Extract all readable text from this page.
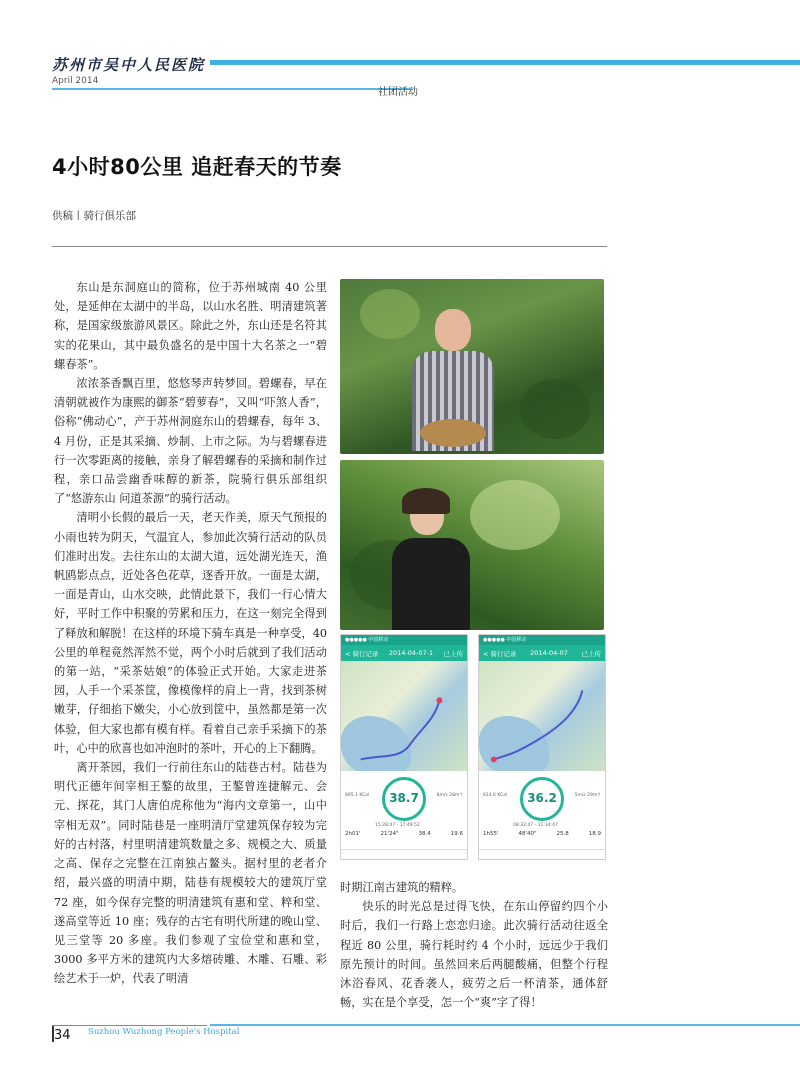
苏州市吴中人民医院
April 2014
社团活动
4小时80公里 追赶春天的节奏
供稿丨骑行俱乐部

东山是东洞庭山的简称，位于苏州城南 40 公里处，是延伸在太湖中的半岛，以山水名胜、明清建筑著称，是国家级旅游风景区。除此之外，东山还是名符其实的花果山，其中最负盛名的是中国十大名茶之一“碧螺春茶”。

浓浓茶香飘百里，悠悠琴声转梦回。碧螺春，早在清朝就被作为康熙的御茶“碧萝春”，又叫“吓煞人香”，俗称“佛动心”，产于苏州洞庭东山的碧螺春，每年 3、4 月份，正是其采摘、炒制、上市之际。为与碧螺春进行一次零距离的接触，亲身了解碧螺春的采摘和制作过程，亲口品尝幽香味醇的新茶，院骑行俱乐部组织了“悠游东山 问道茶源”的骑行活动。

清明小长假的最后一天，老天作美，原天气预报的小雨也转为阴天，气温宜人，参加此次骑行活动的队员们准时出发。去往东山的太湖大道，远处湖光连天，渔帆鸥影点点，近处各色花草，逐香开放。一面是太湖，一面是青山，山水交映，此情此景下，我们一行心情大好，平时工作中积聚的劳累和压力，在这一刻完全得到了释放和解脱！在这样的环境下骑车真是一种享受，40 公里的单程竟然浑然不觉，两个小时后就到了我们活动的第一站，“采茶姑娘”的体验正式开始。大家走进茶园，人手一个采茶筐，像模像样的肩上一背，找到茶树嫩芽，仔细掐下嫩尖，小心放到筐中，虽然都是第一次体验，但大家也都有模有样。看着自己亲手采摘下的茶叶，心中的欣喜也如冲泡时的茶叶，开心的上下翻腾。

离开茶园，我们一行前往东山的陆巷古村。陆巷为明代正德年间宰相王鏊的故里，王鏊曾连捷解元、会元、探花，其门人唐伯虎称他为“海内文章第一，山中宰相无双”。同时陆巷是一座明清厅堂建筑保存较为完好的古村落，村里明清建筑数量之多、规模之大、质量之高、保存之完整在江南独占鳌头。据村里的老者介绍，最兴盛的明清中期，陆巷有规模较大的建筑厅堂 72 座，如今保存完整的明清建筑有惠和堂、粹和堂、遂高堂等近 10 座；残存的古宅有明代所建的晚山堂、见三堂等 20 多座。我们参观了宝俭堂和惠和堂，3000 多平方米的建筑内大多熔砖雕、木雕、石雕、彩绘艺术于一炉，代表了明清

●●●●● 中国移动
< 骑行记录 2014-04-07-1 已上传
895.1 KCal	38.7	8m/s 28m↑
15:28:47 - 17:49:52
2h01'	21'24"	38.4	19.6
●●●●● 中国移动
< 骑行记录 2014-04-07 已上传
814.6 KCal	36.2	5m/s 29m↑
08:32:47 - 11:34:47
1h55'	48'40"	25.8	18.9

时期江南古建筑的精粹。

快乐的时光总是过得飞快，在东山停留约四个小时后，我们一行路上恋恋归途。此次骑行活动往返全程近 80 公里，骑行耗时约 4 个小时，远远少于我们原先预计的时间。虽然回来后两腿酸痛，但整个行程沐浴春风、花香袭人，疲劳之后一杯清茶，通体舒畅，实在是个享受，怎一个“爽”字了得！

34 Suzhou Wuzhong People's Hospital
